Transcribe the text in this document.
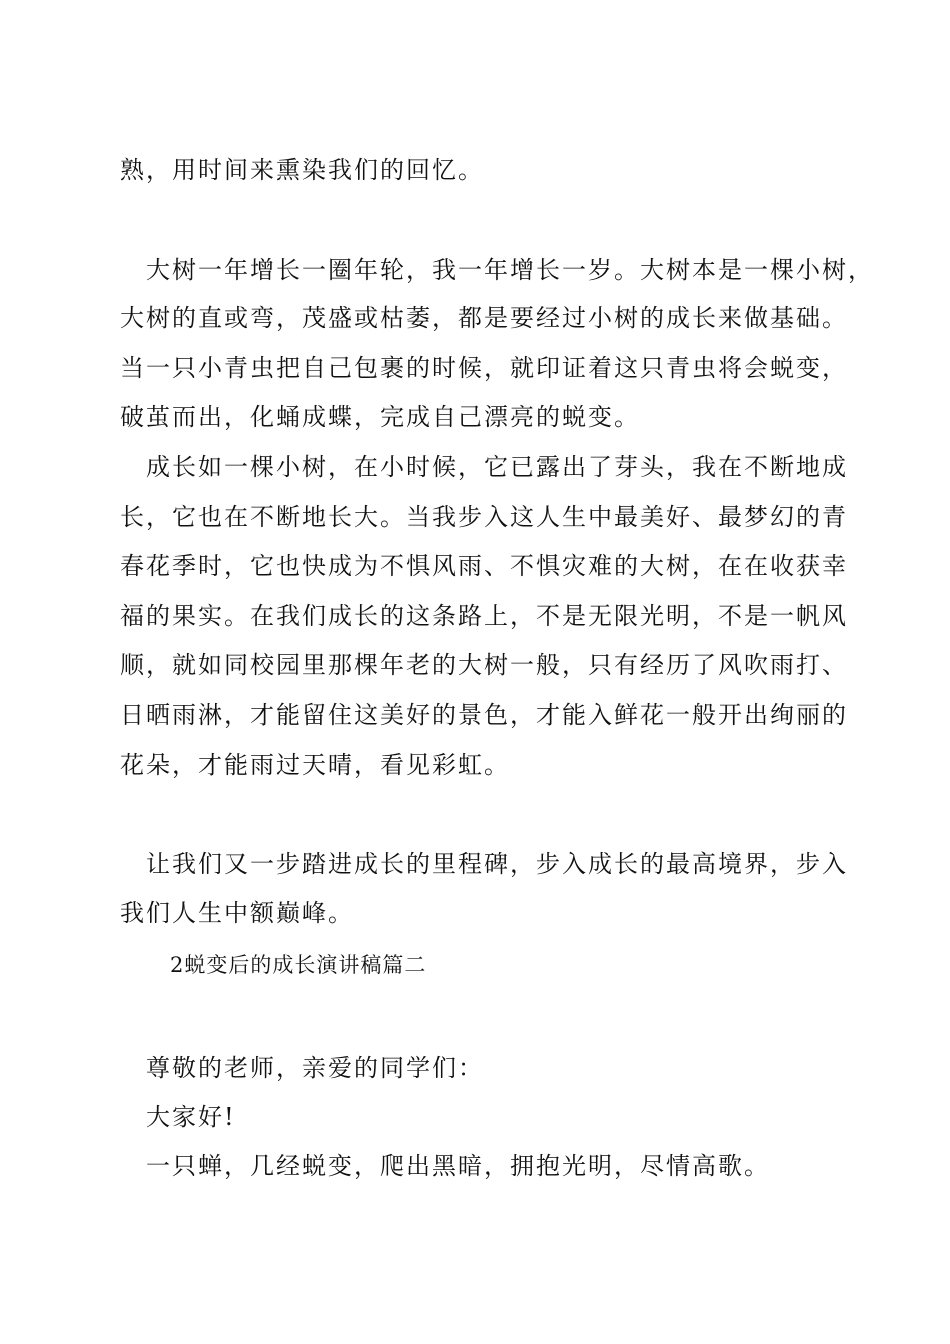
熟，用时间来熏染我们的回忆。
大树一年增长一圈年轮，我一年增长一岁。大树本是一棵小树，
大树的直或弯，茂盛或枯萎，都是要经过小树的成长来做基础。
当一只小青虫把自己包裹的时候，就印证着这只青虫将会蜕变，
破茧而出，化蛹成蝶，完成自己漂亮的蜕变。
成长如一棵小树，在小时候，它已露出了芽头，我在不断地成
长，它也在不断地长大。当我步入这人生中最美好、最梦幻的青
春花季时，它也快成为不惧风雨、不惧灾难的大树，在在收获幸
福的果实。在我们成长的这条路上，不是无限光明，不是一帆风
顺，就如同校园里那棵年老的大树一般，只有经历了风吹雨打、
日晒雨淋，才能留住这美好的景色，才能入鲜花一般开出绚丽的
花朵，才能雨过天晴，看见彩虹。
让我们又一步踏进成长的里程碑，步入成长的最高境界，步入
我们人生中额巅峰。
2蜕变后的成长演讲稿篇二
尊敬的老师，亲爱的同学们：
大家好!
一只蝉，几经蜕变，爬出黑暗，拥抱光明，尽情高歌。
